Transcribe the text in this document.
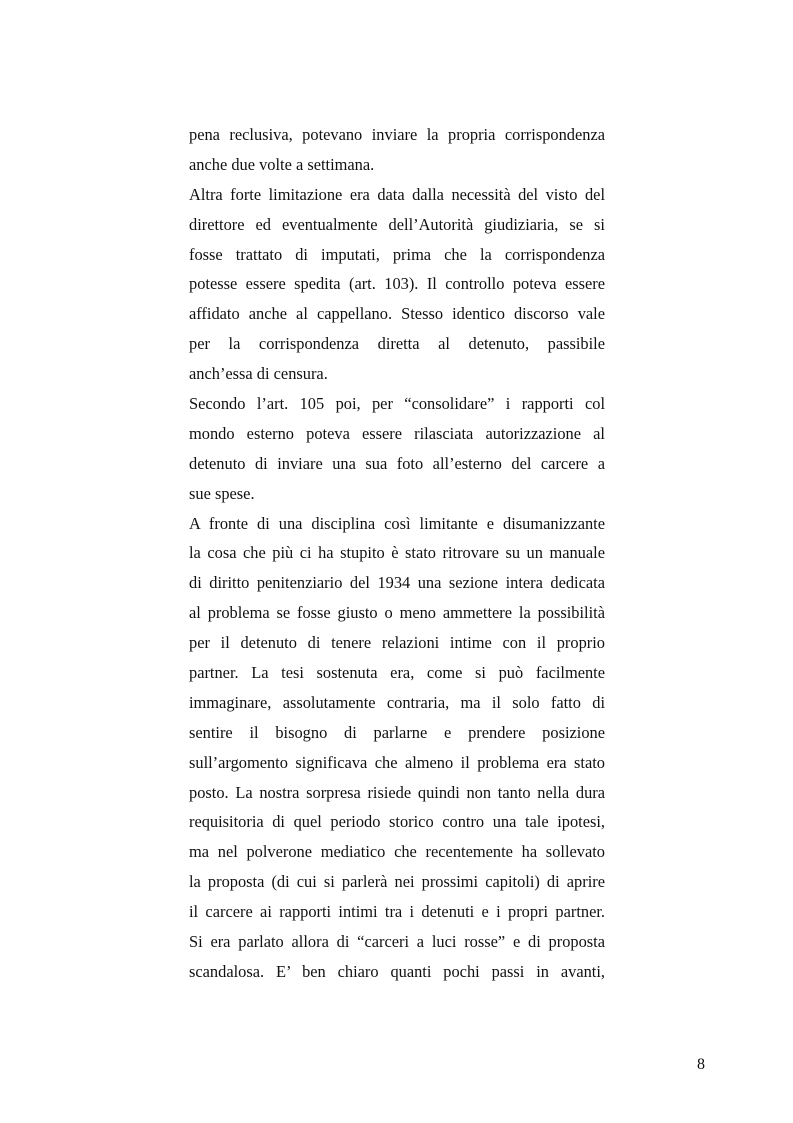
pena reclusiva, potevano inviare la propria corrispondenza
anche due volte a settimana.
Altra forte limitazione era data dalla necessità del visto del
direttore ed eventualmente dell’Autorità giudiziaria, se si
fosse trattato di imputati, prima che la corrispondenza
potesse essere spedita (art. 103). Il controllo poteva essere
affidato anche al cappellano. Stesso identico discorso vale
per la corrispondenza diretta al detenuto, passibile
anch’essa di censura.
Secondo l’art. 105 poi, per “consolidare” i rapporti col
mondo esterno poteva essere rilasciata autorizzazione al
detenuto di inviare una sua foto all’esterno del carcere a
sue spese.
A fronte di una disciplina così limitante e disumanizzante
la cosa che più ci ha stupito è stato ritrovare su un manuale
di diritto penitenziario del 1934 una sezione intera dedicata
al problema se fosse giusto o meno ammettere la possibilità
per il detenuto di tenere relazioni intime con il proprio
partner. La tesi sostenuta era, come si può facilmente
immaginare, assolutamente contraria, ma il solo fatto di
sentire il bisogno di parlarne e prendere posizione
sull’argomento significava che almeno il problema era stato
posto. La nostra sorpresa risiede quindi non tanto nella dura
requisitoria di quel periodo storico contro una tale ipotesi,
ma nel polverone mediatico che recentemente ha sollevato
la proposta (di cui si parlerà nei prossimi capitoli) di aprire
il carcere ai rapporti intimi tra i detenuti e i propri partner.
Si era parlato allora di “carceri a luci rosse” e di proposta
scandalosa. E’ ben chiaro quanti pochi passi in avanti,
8
